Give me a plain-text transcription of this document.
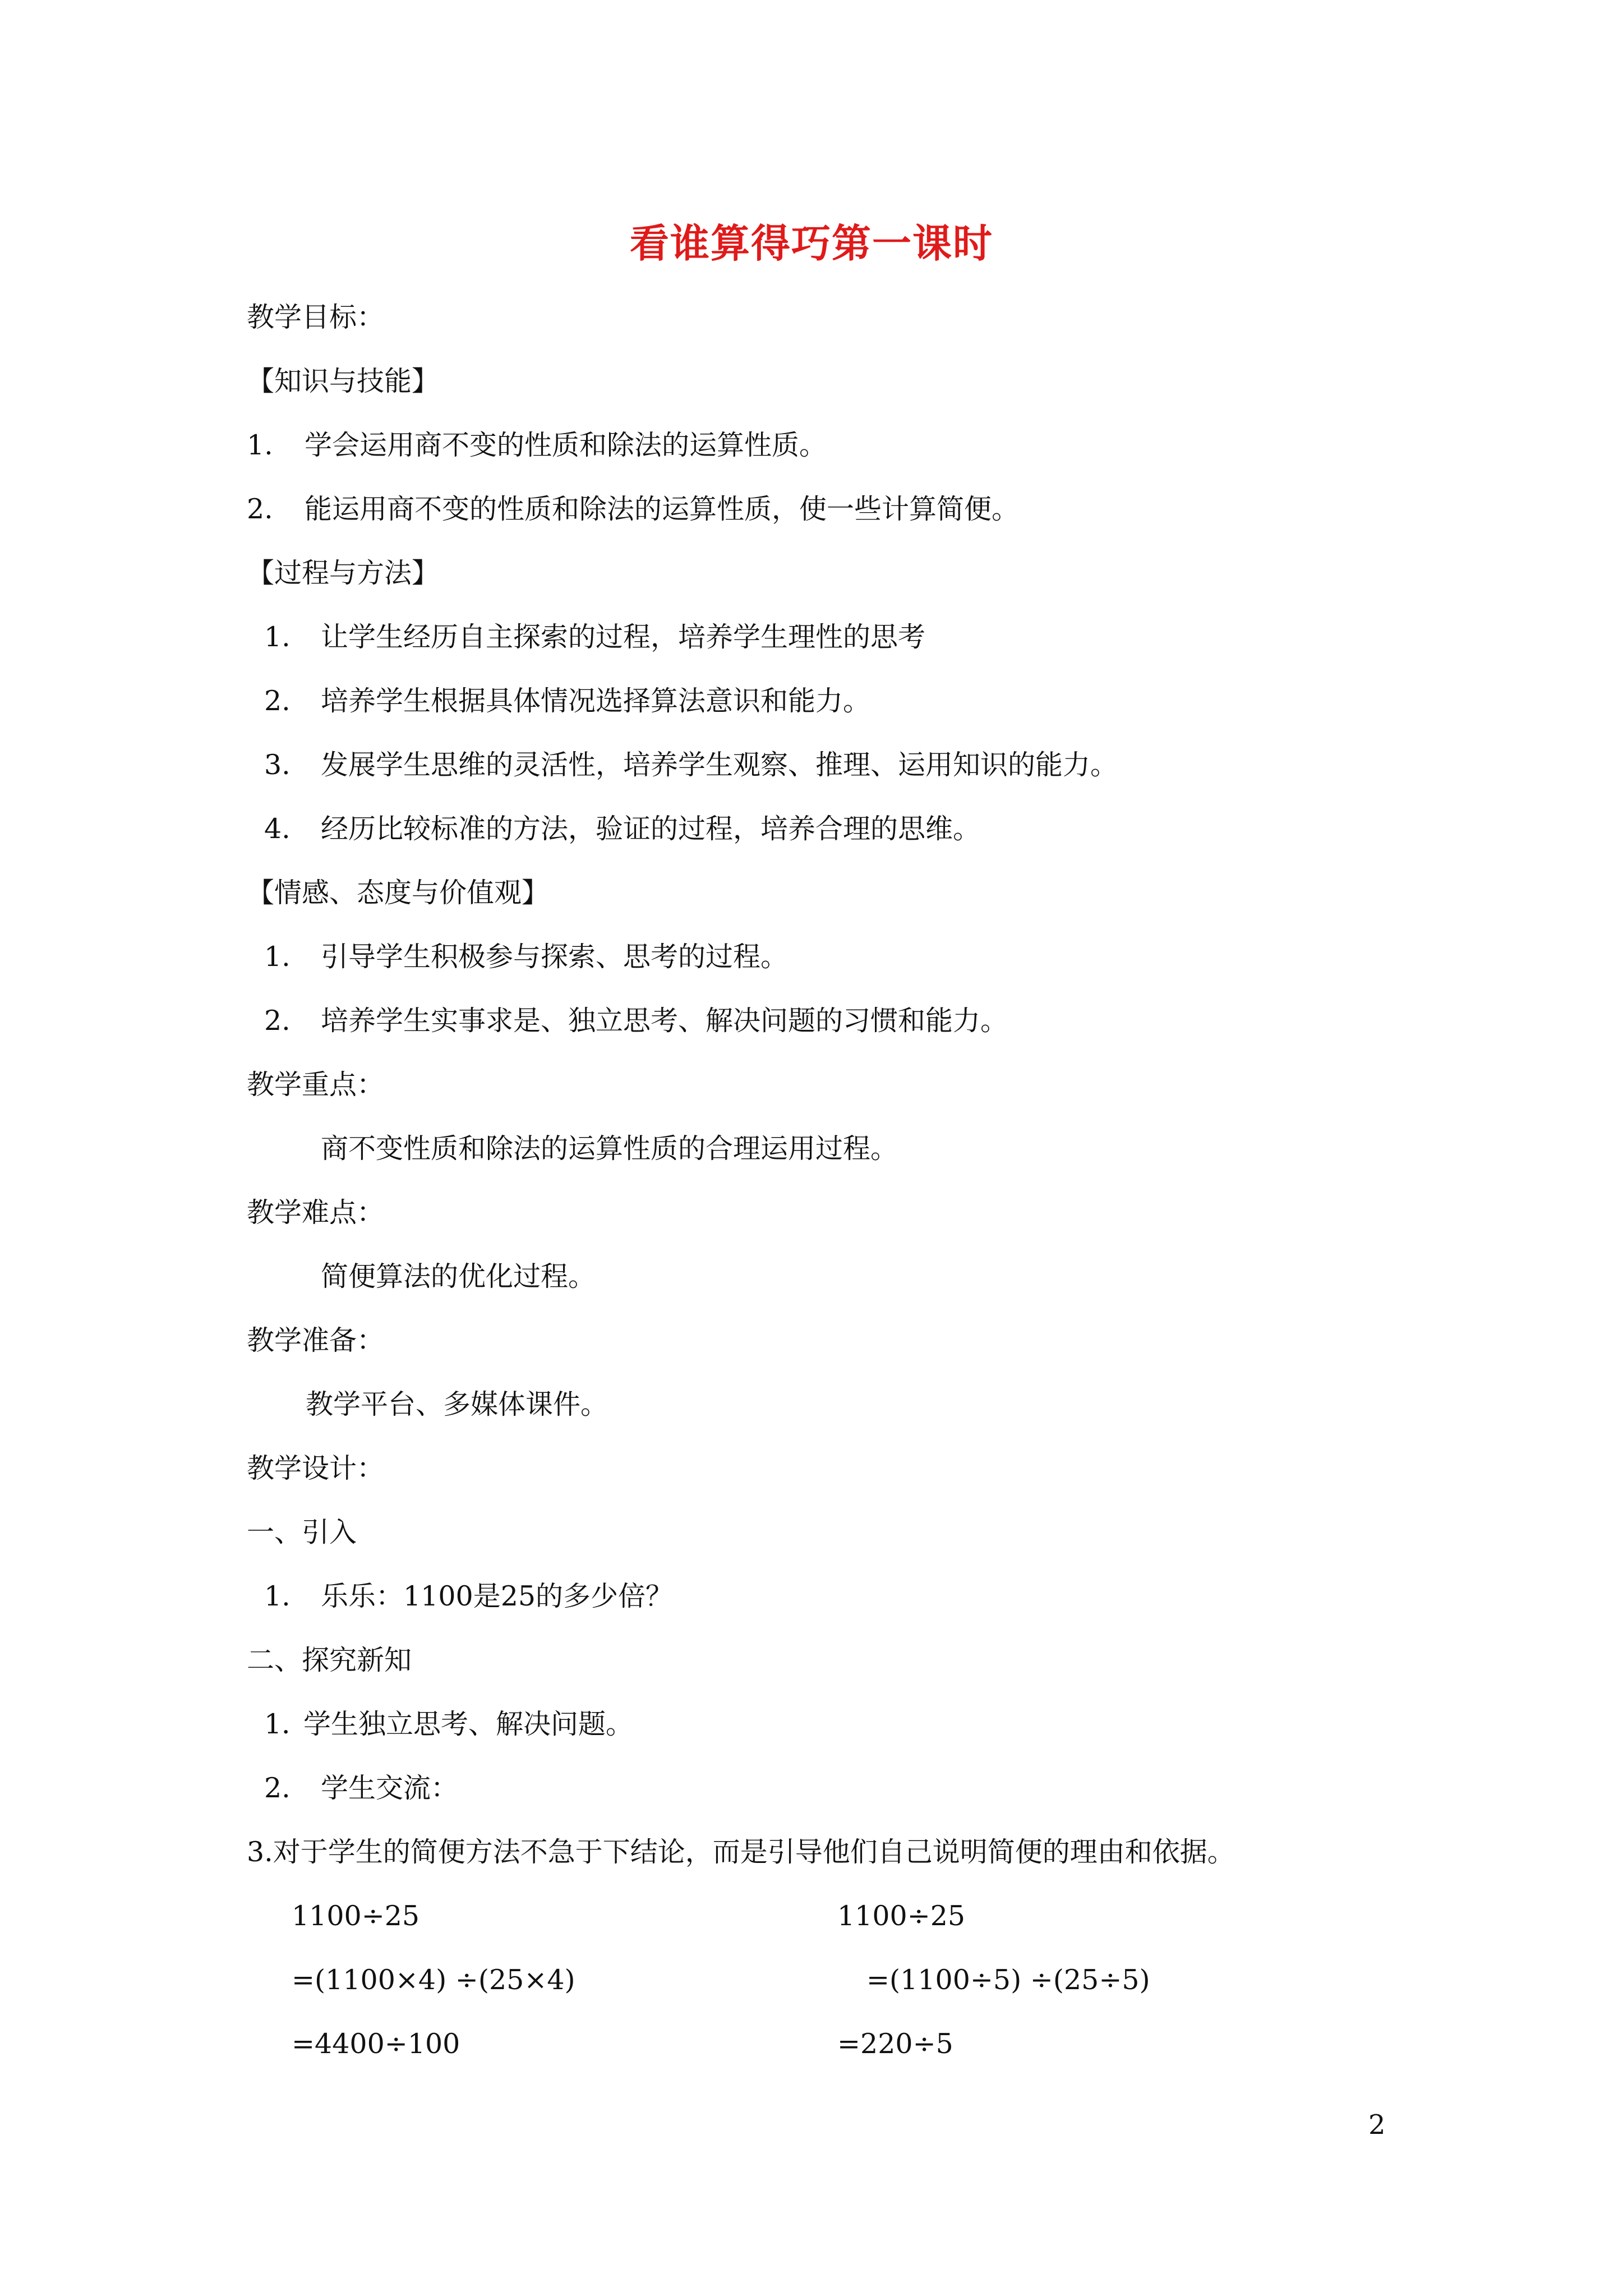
看谁算得巧第一课时
教学目标：
【知识与技能】
1. 学会运用商不变的性质和除法的运算性质。
2. 能运用商不变的性质和除法的运算性质，使一些计算简便。
【过程与方法】
1. 让学生经历自主探索的过程，培养学生理性的思考
2. 培养学生根据具体情况选择算法意识和能力。
3. 发展学生思维的灵活性，培养学生观察、推理、运用知识的能力。
4. 经历比较标准的方法，验证的过程，培养合理的思维。
【情感、态度与价值观】
1. 引导学生积极参与探索、思考的过程。
2. 培养学生实事求是、独立思考、解决问题的习惯和能力。
教学重点：
商不变性质和除法的运算性质的合理运用过程。
教学难点：
简便算法的优化过程。
教学准备：
教学平台、多媒体课件。
教学设计：
一、引入
1. 乐乐：1100是25的多少倍？
二、探究新知
1．学生独立思考、解决问题。
2. 学生交流：
3.对于学生的简便方法不急于下结论，而是引导他们自己说明简便的理由和依据。
1100÷25
=(1100×4) ÷(25×4)
=4400÷100
1100÷25
=(1100÷5) ÷(25÷5)
=220÷5
2
